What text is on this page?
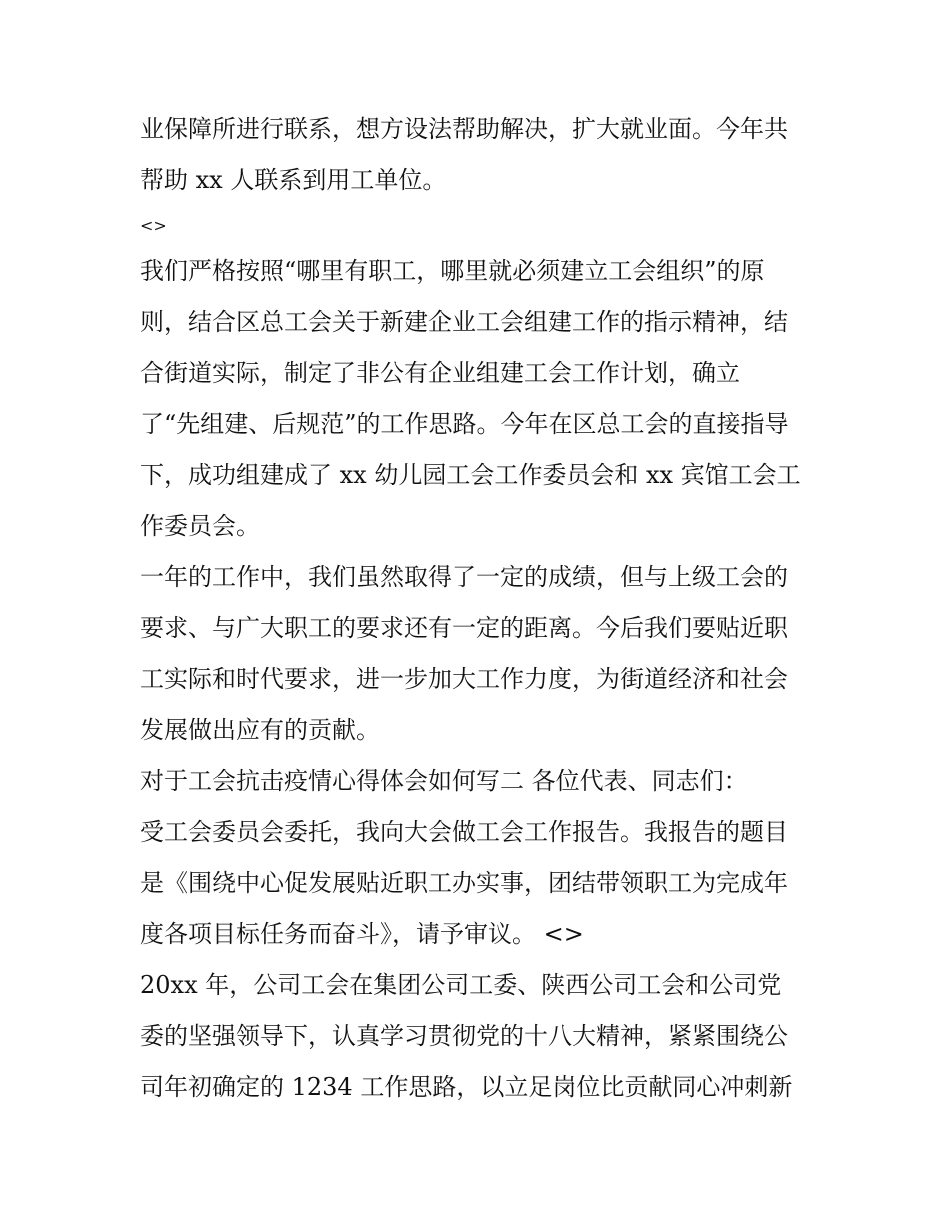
业保障所进行联系，想方设法帮助解决，扩大就业面。今年共
帮助 xx 人联系到用工单位。
<>
我们严格按照“哪里有职工，哪里就必须建立工会组织”的原
则，结合区总工会关于新建企业工会组建工作的指示精神，结
合街道实际，制定了非公有企业组建工会工作计划，确立
了“先组建、后规范”的工作思路。今年在区总工会的直接指导
下，成功组建成了 xx 幼儿园工会工作委员会和 xx 宾馆工会工
作委员会。
一年的工作中，我们虽然取得了一定的成绩，但与上级工会的
要求、与广大职工的要求还有一定的距离。今后我们要贴近职
工实际和时代要求，进一步加大工作力度，为街道经济和社会
发展做出应有的贡献。
对于工会抗击疫情心得体会如何写二 各位代表、同志们：
受工会委员会委托，我向大会做工会工作报告。我报告的题目
是《围绕中心促发展贴近职工办实事，团结带领职工为完成年
度各项目标任务而奋斗》，请予审议。 <>
20xx 年，公司工会在集团公司工委、陕西公司工会和公司党
委的坚强领导下，认真学习贯彻党的十八大精神，紧紧围绕公
司年初确定的 1234 工作思路，以立足岗位比贡献同心冲刺新
